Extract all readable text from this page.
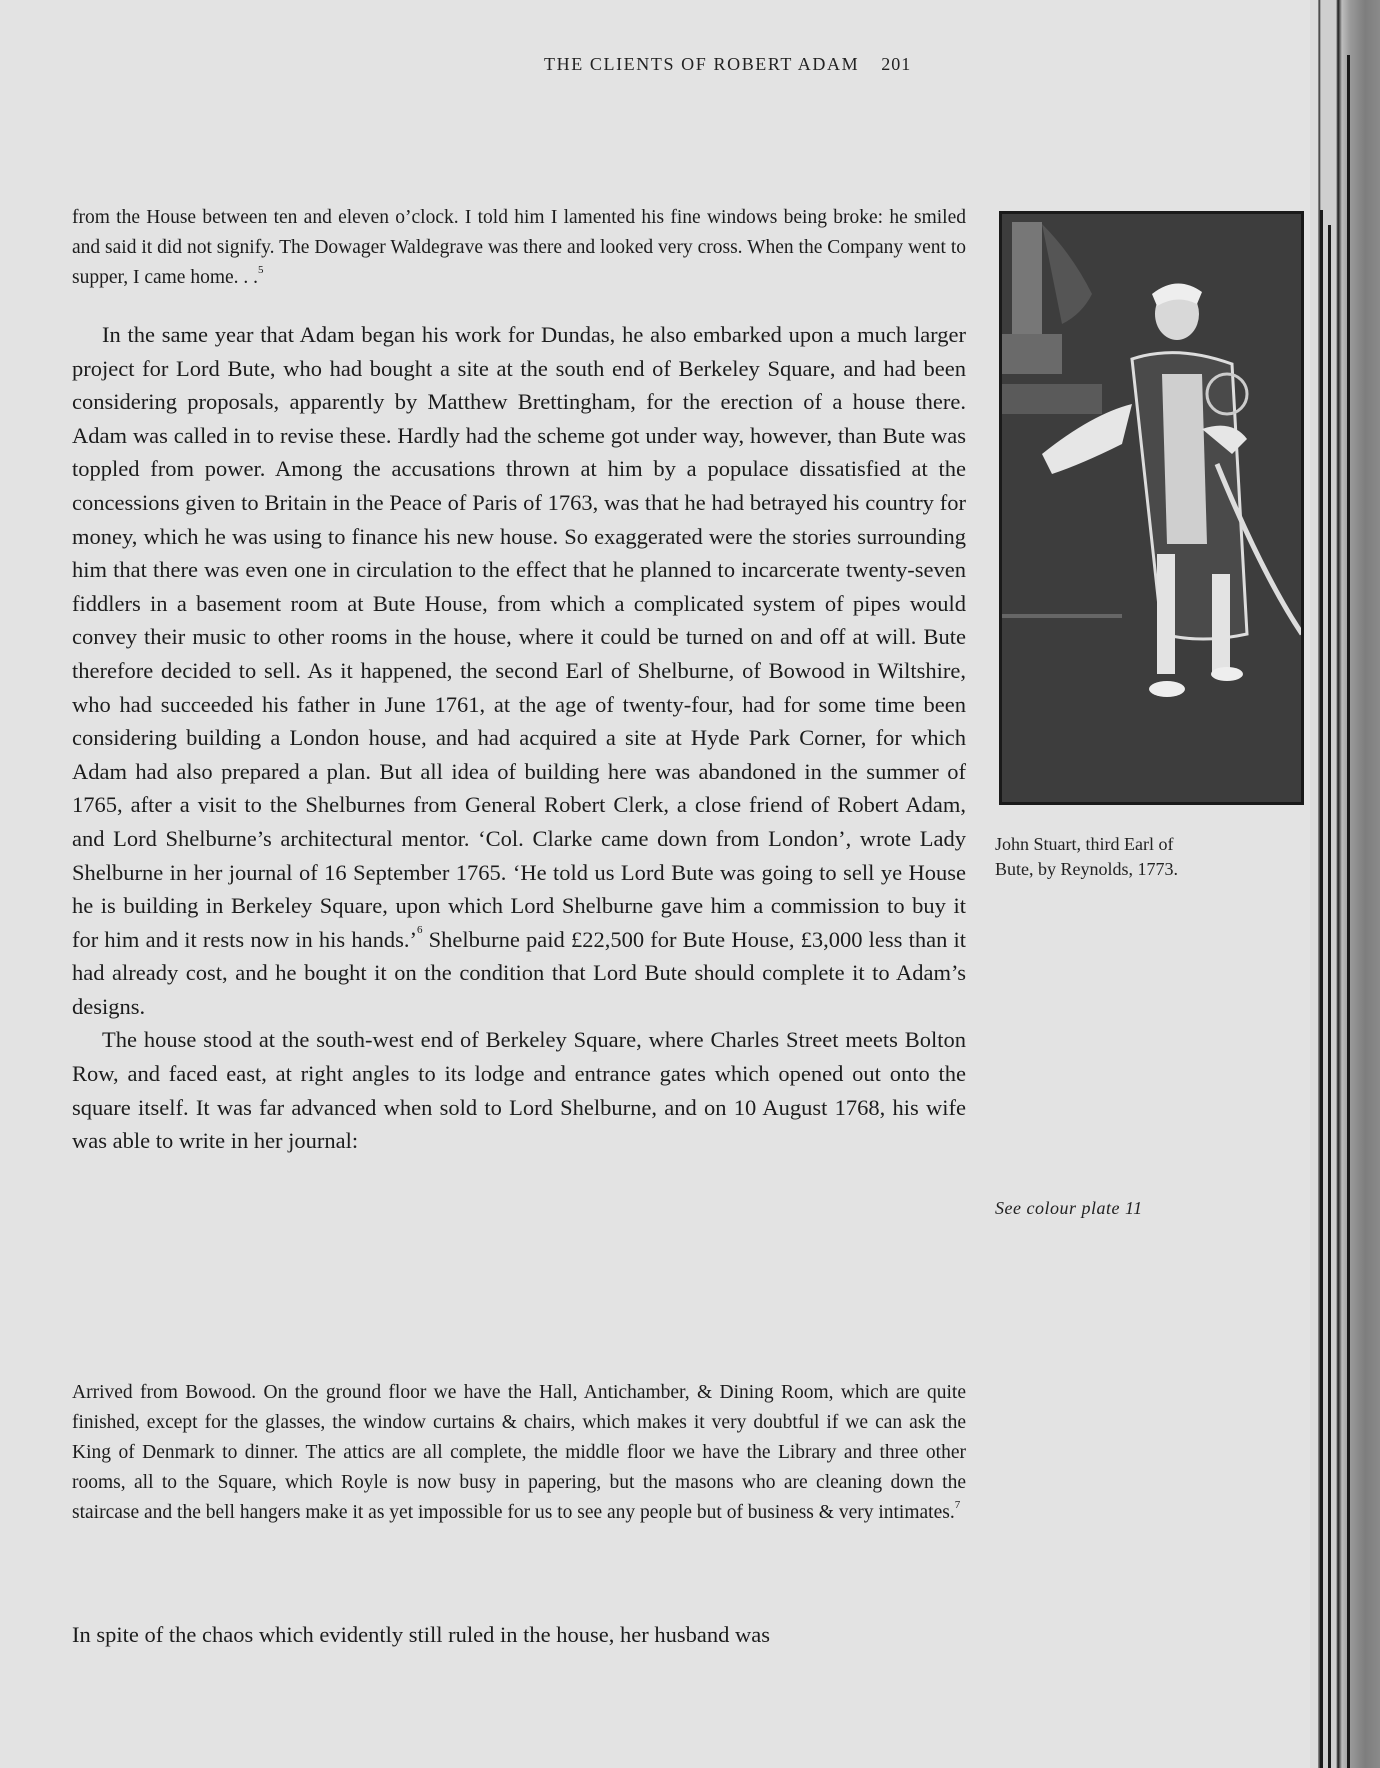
THE CLIENTS OF ROBERT ADAM 201

from the House between ten and eleven o’clock. I told him I lamented his fine windows being broke: he smiled and said it did not signify. The Dowager Waldegrave was there and looked very cross. When the Company went to supper, I came home. . .$^5$

In the same year that Adam began his work for Dundas, he also embarked upon a much larger project for Lord Bute, who had bought a site at the south end of Berkeley Square, and had been considering proposals, apparently by Matthew Brettingham, for the erection of a house there. Adam was called in to revise these. Hardly had the scheme got under way, however, than Bute was toppled from power. Among the accusations thrown at him by a populace dissatisfied at the concessions given to Britain in the Peace of Paris of 1763, was that he had betrayed his country for money, which he was using to finance his new house. So exaggerated were the stories surrounding him that there was even one in circulation to the effect that he planned to incarcerate twenty-seven fiddlers in a basement room at Bute House, from which a complicated system of pipes would convey their music to other rooms in the house, where it could be turned on and off at will. Bute therefore decided to sell. As it happened, the second Earl of Shelburne, of Bowood in Wiltshire, who had succeeded his father in June 1761, at the age of twenty-four, had for some time been considering building a London house, and had acquired a site at Hyde Park Corner, for which Adam had also prepared a plan. But all idea of building here was abandoned in the summer of 1765, after a visit to the Shelburnes from General Robert Clerk, a close friend of Robert Adam, and Lord Shelburne’s architectural mentor. ‘Col. Clarke came down from London’, wrote Lady Shelburne in her journal of 16 September 1765. ‘He told us Lord Bute was going to sell ye House he is building in Berkeley Square, upon which Lord Shelburne gave him a commission to buy it for him and it rests now in his hands.’$^6$ Shelburne paid £22,500 for Bute House, £3,000 less than it had already cost, and he bought it on the condition that Lord Bute should complete it to Adam’s designs.

The house stood at the south-west end of Berkeley Square, where Charles Street meets Bolton Row, and faced east, at right angles to its lodge and entrance gates which opened out onto the square itself. It was far advanced when sold to Lord Shelburne, and on 10 August 1768, his wife was able to write in her journal:

Arrived from Bowood. On the ground floor we have the Hall, Antichamber, & Dining Room, which are quite finished, except for the glasses, the window curtains & chairs, which makes it very doubtful if we can ask the King of Denmark to dinner. The attics are all complete, the middle floor we have the Library and three other rooms, all to the Square, which Royle is now busy in papering, but the masons who are cleaning down the staircase and the bell hangers make it as yet impossible for us to see any people but of business & very intimates.$^7$

In spite of the chaos which evidently still ruled in the house, her husband was

John Stuart, third Earl of Bute, by Reynolds, 1773.
See colour plate 11
